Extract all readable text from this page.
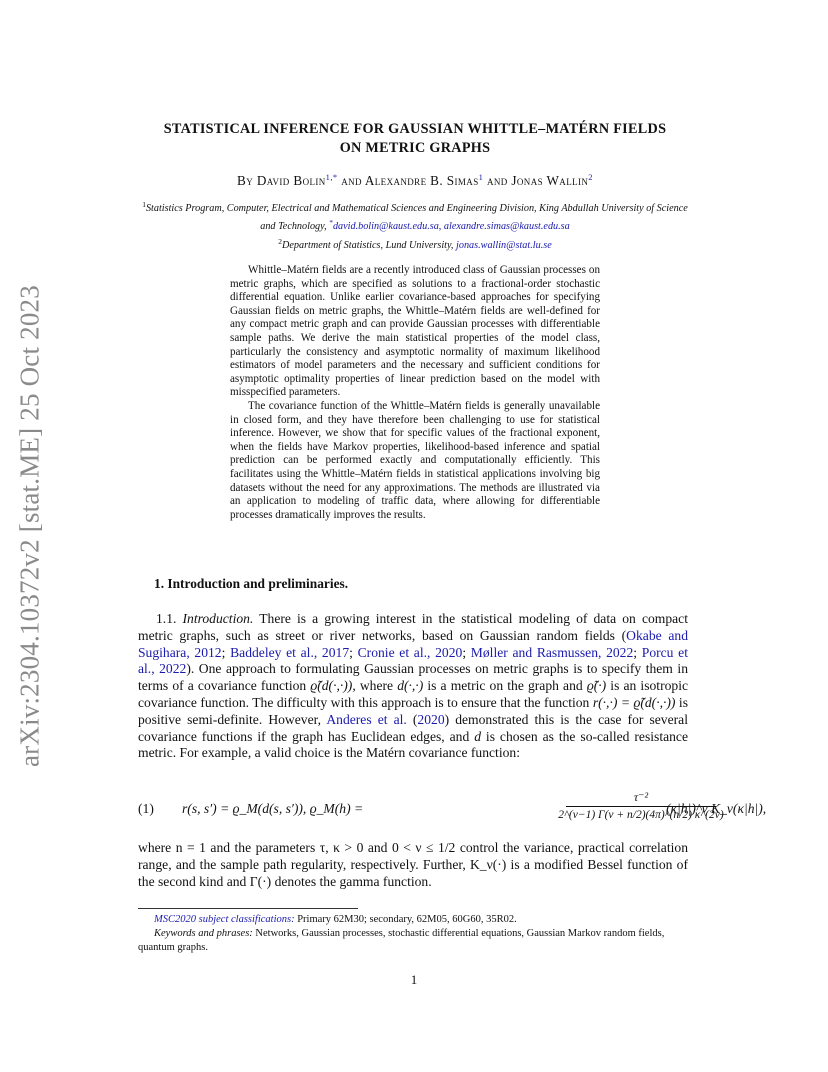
arXiv:2304.10372v2 [stat.ME] 25 Oct 2023
STATISTICAL INFERENCE FOR GAUSSIAN WHITTLE–MATÉRN FIELDS
ON METRIC GRAPHS
By David Bolin$^{1,*}$ and Alexandre B. Simas$^1$ and Jonas Wallin$^2$
$^1$Statistics Program, Computer, Electrical and Mathematical Sciences and Engineering Division, King Abdullah University of Science and Technology, *david.bolin@kaust.edu.sa, alexandre.simas@kaust.edu.sa
$^2$Department of Statistics, Lund University, jonas.wallin@stat.lu.se

Whittle–Matérn fields are a recently introduced class of Gaussian processes on metric graphs, which are specified as solutions to a fractional-order stochastic differential equation. Unlike earlier covariance-based approaches for specifying Gaussian fields on metric graphs, the Whittle–Matérn fields are well-defined for any compact metric graph and can provide Gaussian processes with differentiable sample paths. We derive the main statistical properties of the model class, particularly the consistency and asymptotic normality of maximum likelihood estimators of model parameters and the necessary and sufficient conditions for asymptotic optimality properties of linear prediction based on the model with misspecified parameters.

The covariance function of the Whittle–Matérn fields is generally unavailable in closed form, and they have therefore been challenging to use for statistical inference. However, we show that for specific values of the fractional exponent, when the fields have Markov properties, likelihood-based inference and spatial prediction can be performed exactly and computationally efficiently. This facilitates using the Whittle–Matérn fields in statistical applications involving big datasets without the need for any approximations. The methods are illustrated via an application to modeling of traffic data, where allowing for differentiable processes dramatically improves the results.

1. Introduction and preliminaries.

1.1. Introduction. There is a growing interest in the statistical modeling of data on compact metric graphs, such as street or river networks, based on Gaussian random fields (Okabe and Sugihara, 2012; Baddeley et al., 2017; Cronie et al., 2020; Møller and Rasmussen, 2022; Porcu et al., 2022). One approach to formulating Gaussian processes on metric graphs is to specify them in terms of a covariance function ϱ̃(d(·,·)), where d(·,·) is a metric on the graph and ϱ̃(·) is an isotropic covariance function. The difficulty with this approach is to ensure that the function r(·,·) = ϱ̃(d(·,·)) is positive semi-definite. However, Anderes et al. (2020) demonstrated this is the case for several covariance functions if the graph has Euclidean edges, and d is chosen as the so-called resistance metric. For example, a valid choice is the Matérn covariance function:

(1) r(s, s′) = ϱ_M(d(s, s′)), ϱ_M(h) =
τ⁻²
2^(ν−1) Γ(ν + n/2)(4π)^(n/2) κ^(2ν)
(κ|h|)^ν K_ν(κ|h|),
where n = 1 and the parameters τ, κ > 0 and 0 < ν ≤ 1/2 control the variance, practical correlation range, and the sample path regularity, respectively. Further, K_ν(·) is a modified Bessel function of the second kind and Γ(·) denotes the gamma function.

MSC2020 subject classifications: Primary 62M30; secondary, 62M05, 60G60, 35R02.

Keywords and phrases: Networks, Gaussian processes, stochastic differential equations, Gaussian Markov random fields, quantum graphs.

1
